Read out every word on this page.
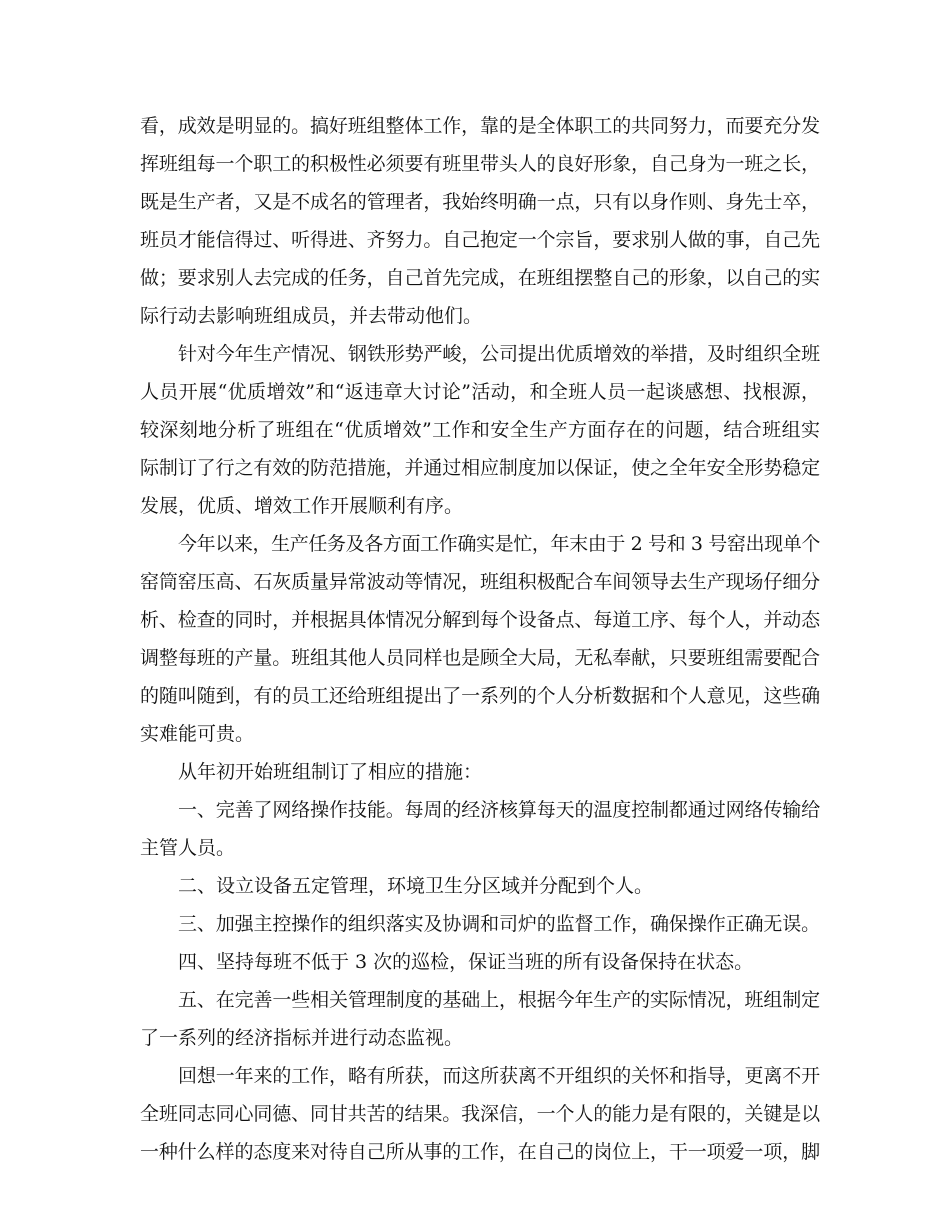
看，成效是明显的。搞好班组整体工作，靠的是全体职工的共同努力，而要充分发

挥班组每一个职工的积极性必须要有班里带头人的良好形象，自己身为一班之长，

既是生产者，又是不成名的管理者，我始终明确一点，只有以身作则、身先士卒，

班员才能信得过、听得进、齐努力。自己抱定一个宗旨，要求别人做的事，自己先

做；要求别人去完成的任务，自己首先完成，在班组摆整自己的形象，以自己的实

际行动去影响班组成员，并去带动他们。

针对今年生产情况、钢铁形势严峻，公司提出优质增效的举措，及时组织全班

人员开展“优质增效”和“返违章大讨论”活动，和全班人员一起谈感想、找根源，

较深刻地分析了班组在“优质增效”工作和安全生产方面存在的问题，结合班组实

际制订了行之有效的防范措施，并通过相应制度加以保证，使之全年安全形势稳定

发展，优质、增效工作开展顺利有序。

今年以来，生产任务及各方面工作确实是忙，年末由于 2 号和 3 号窑出现单个

窑筒窑压高、石灰质量异常波动等情况，班组积极配合车间领导去生产现场仔细分

析、检查的同时，并根据具体情况分解到每个设备点、每道工序、每个人，并动态

调整每班的产量。班组其他人员同样也是顾全大局，无私奉献，只要班组需要配合

的随叫随到，有的员工还给班组提出了一系列的个人分析数据和个人意见，这些确

实难能可贵。

从年初开始班组制订了相应的措施：

一、完善了网络操作技能。每周的经济核算每天的温度控制都通过网络传输给

主管人员。

二、设立设备五定管理，环境卫生分区域并分配到个人。

三、加强主控操作的组织落实及协调和司炉的监督工作，确保操作正确无误。

四、坚持每班不低于 3 次的巡检，保证当班的所有设备保持在状态。

五、在完善一些相关管理制度的基础上，根据今年生产的实际情况，班组制定

了一系列的经济指标并进行动态监视。

回想一年来的工作，略有所获，而这所获离不开组织的关怀和指导，更离不开

全班同志同心同德、同甘共苦的结果。我深信，一个人的能力是有限的，关键是以

一种什么样的态度来对待自己所从事的工作，在自己的岗位上，干一项爱一项，脚
